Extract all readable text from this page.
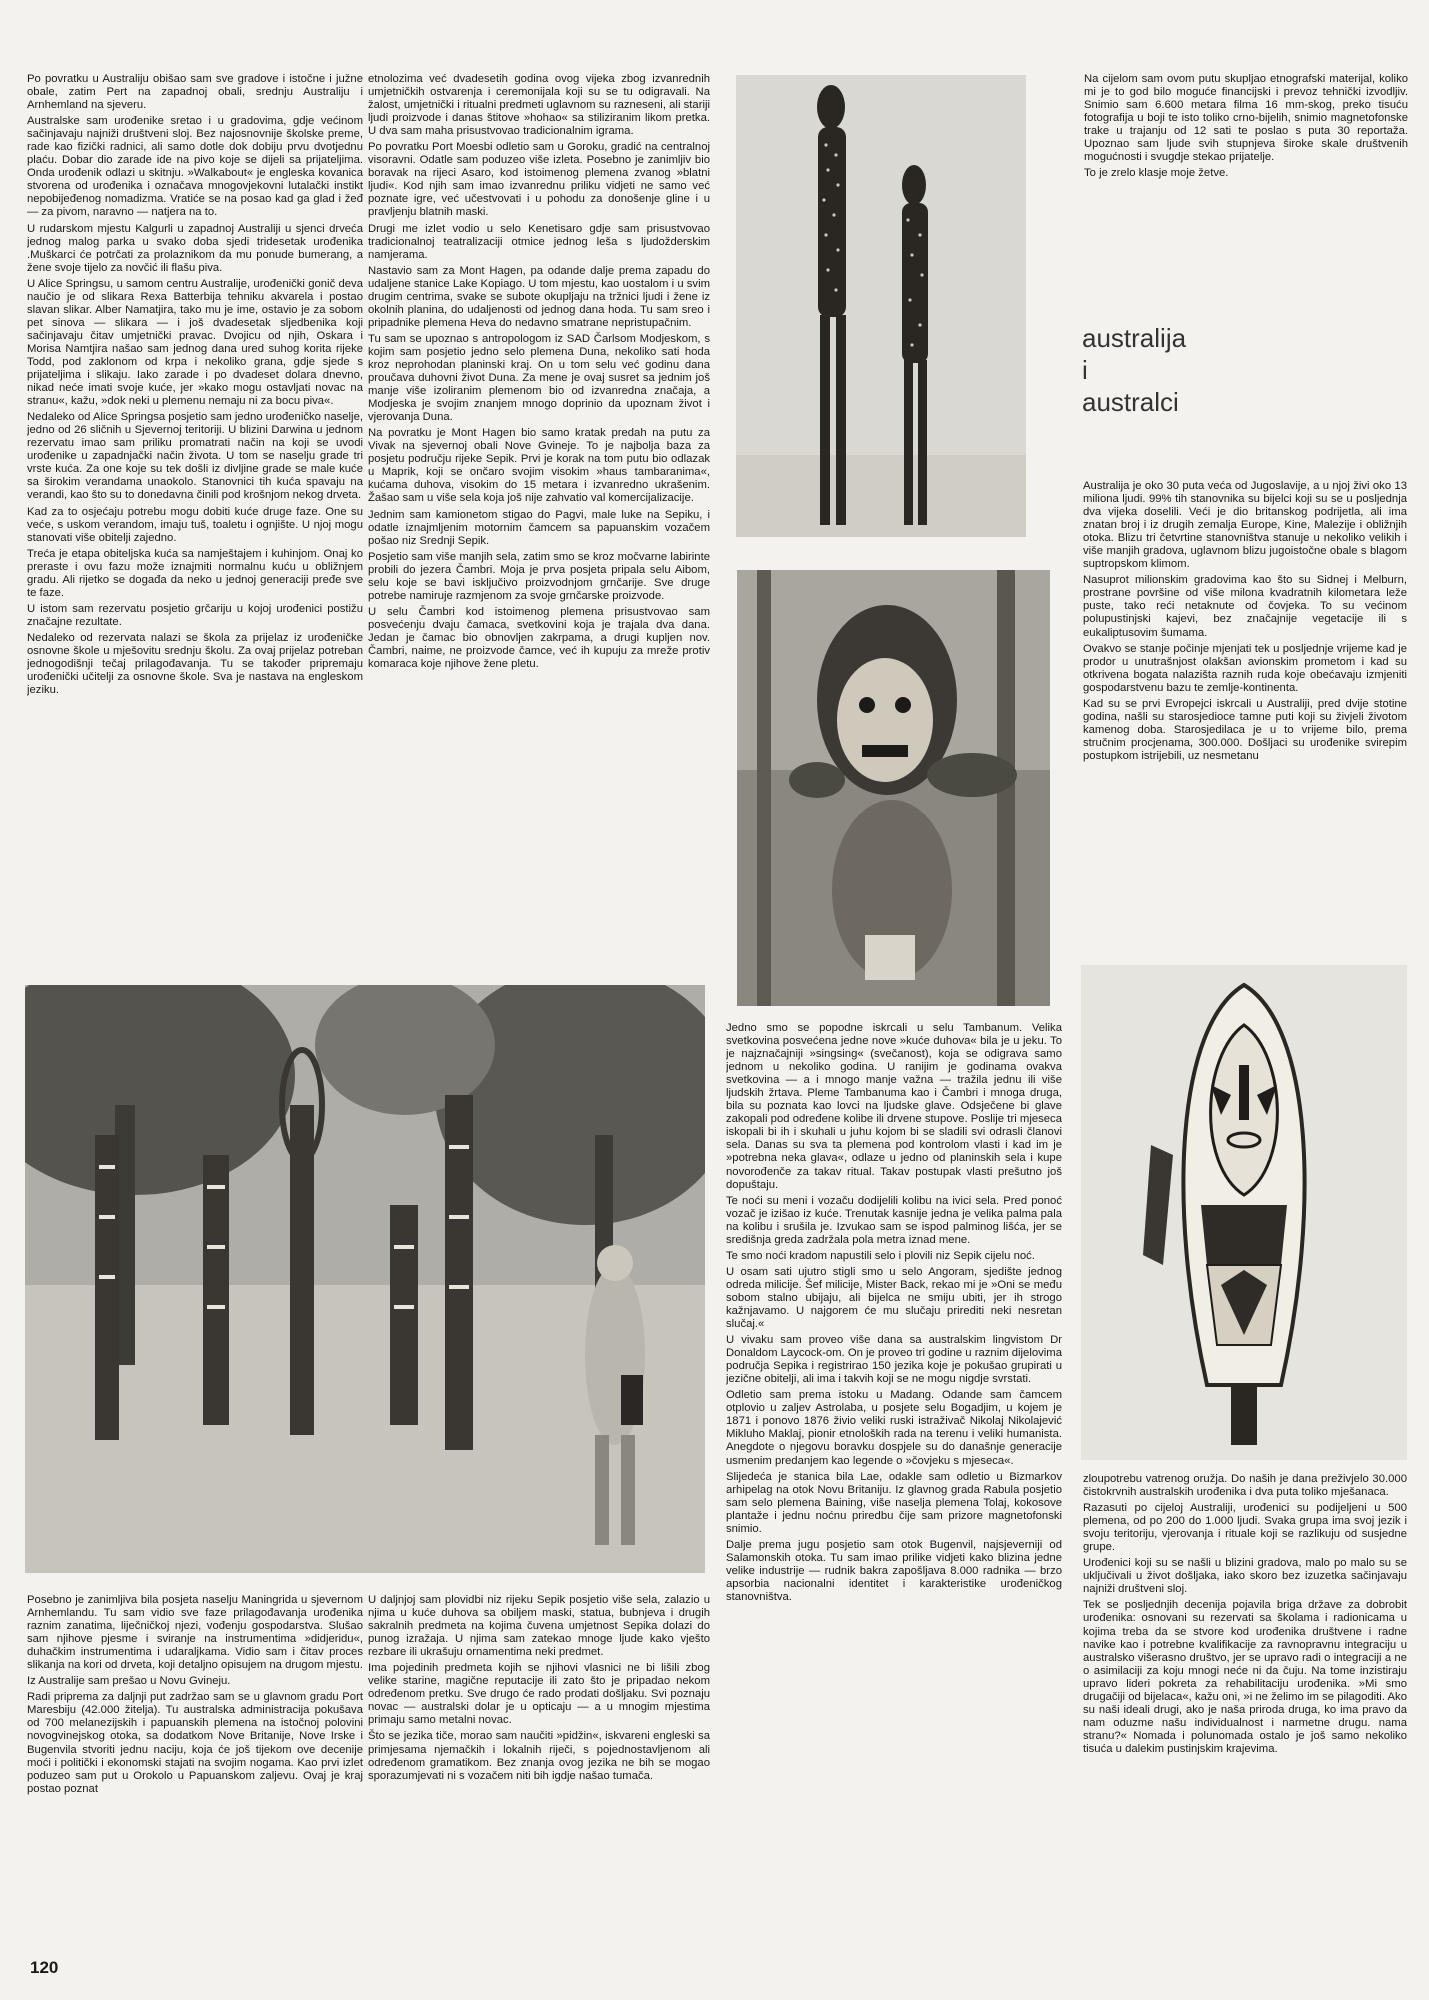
Po povratku u Australiju obišao sam sve gradove i istočne i južne obale, zatim Pert na zapadnoj obali, srednju Australiju i Arnhemland na sjeveru.

Australske sam urođenike sretao i u gradovima, gdje većinom sačinjavaju najniži društveni sloj. Bez najosnovnije školske preme, rade kao fizički radnici, ali samo dotle dok dobiju prvu dvotjednu plaću. Dobar dio zarade ide na pivo koje se dijeli sa prijateljima. Onda urođenik odlazi u skitnju. »Walkabout« je engleska kovanica stvorena od urođenika i označava mnogovjekovni lutalački instikt nepobijeđenog nomadizma. Vratiće se na posao kad ga glad i žeđ — za pivom, naravno — natjera na to.

U rudarskom mjestu Kalgurli u zapadnoj Australiji u sjenci drveća jednog malog parka u svako doba sjedi tridesetak urođenika .Muškarci će potrčati za prolaznikom da mu ponude bumerang, a žene svoje tijelo za novčić ili flašu piva.

U Alice Springsu, u samom centru Australije, urođenički gonič deva naučio je od slikara Rexa Batterbija tehniku akvarela i postao slavan slikar. Alber Namatjira, tako mu je ime, ostavio je za sobom pet sinova — slikara — i još dvadesetak sljedbenika koji sačinjavaju čitav umjetnički pravac. Dvojicu od njih, Oskara i Morisa Namtjira našao sam jednog dana ured suhog korita rijeke Todd, pod zaklonom od krpa i nekoliko grana, gdje sjede s prijateljima i slikaju. Iako zarade i po dvadeset dolara dnevno, nikad neće imati svoje kuće, jer »kako mogu ostavljati novac na stranu«, kažu, »dok neki u plemenu nemaju ni za bocu piva«.

Nedaleko od Alice Springsa posjetio sam jedno urođeničko naselje, jedno od 26 sličnih u Sjevernoj teritoriji. U blizini Darwina u jednom rezervatu imao sam priliku promatrati način na koji se uvodi urođenike u zapadnjački način života. U tom se naselju grade tri vrste kuća. Za one koje su tek došli iz divljine grade se male kuće sa širokim verandama unaokolo. Stanovnici tih kuća spavaju na verandi, kao što su to donedavna činili pod krošnjom nekog drveta.

Kad za to osjećaju potrebu mogu dobiti kuće druge faze. One su veće, s uskom verandom, imaju tuš, toaletu i ognjište. U njoj mogu stanovati više obitelji zajedno.

Treća je etapa obiteljska kuća sa namještajem i kuhinjom. Onaj ko preraste i ovu fazu može iznajmiti normalnu kuću u obližnjem gradu. Ali rijetko se događa da neko u jednoj generaciji pređe sve te faze.

U istom sam rezervatu posjetio grčariju u kojoj urođenici postižu značajne rezultate.

Nedaleko od rezervata nalazi se škola za prijelaz iz urođeničke osnovne škole u mješovitu srednju školu. Za ovaj prijelaz potreban jednogodišnji tečaj prilagođavanja. Tu se također pripremaju urođenički učitelji za osnovne škole. Sva je nastava na engleskom jeziku.

etnolozima već dvadesetih godina ovog vijeka zbog izvanrednih umjetničkih ostvarenja i ceremonijala koji su se tu odigravali. Na žalost, umjetnički i ritualni predmeti uglavnom su razneseni, ali stariji ljudi proizvode i danas štitove »hohao« sa stiliziranim likom pretka. U dva sam maha prisustvovao tradicionalnim igrama.

Po povratku Port Moesbi odletio sam u Goroku, gradić na centralnoj visoravni. Odatle sam poduzeo više izleta. Posebno je zanimljiv bio boravak na rijeci Asaro, kod istoimenog plemena zvanog »blatni ljudi«. Kod njih sam imao izvanrednu priliku vidjeti ne samo već poznate igre, već učestvovati i u pohodu za donošenje gline i u pravljenju blatnih maski.

Drugi me izlet vodio u selo Kenetisaro gdje sam prisustvovao tradicionalnoj teatralizaciji otmice jednog leša s ljudožderskim namjerama.

Nastavio sam za Mont Hagen, pa odande dalje prema zapadu do udaljene stanice Lake Kopiago. U tom mjestu, kao uostalom i u svim drugim centrima, svake se subote okupljaju na tržnici ljudi i žene iz okolnih planina, do udaljenosti od jednog dana hoda. Tu sam sreo i pripadnike plemena Heva do nedavno smatrane nepristupačnim.

Tu sam se upoznao s antropologom iz SAD Čarlsom Modjeskom, s kojim sam posjetio jedno selo plemena Duna, nekoliko sati hoda kroz neprohodan planinski kraj. On u tom selu već godinu dana proučava duhovni život Duna. Za mene je ovaj susret sa jednim još manje više izoliranim plemenom bio od izvanredna značaja, a Modjeska je svojim znanjem mnogo doprinio da upoznam život i vjerovanja Duna.

Na povratku je Mont Hagen bio samo kratak predah na putu za Vivak na sjevernoj obali Nove Gvineje. To je najbolja baza za posjetu području rijeke Sepik. Prvi je korak na tom putu bio odlazak u Maprik, koji se ončaro svojim visokim »haus tambaranima«, kućama duhova, visokim do 15 metara i izvanredno ukrašenim. Žašao sam u više sela koja još nije zahvatio val komercijalizacije.

Jednim sam kamionetom stigao do Pagvi, male luke na Sepiku, i odatle iznajmljenim motornim čamcem sa papuanskim vozačem pošao niz Srednji Sepik.

Posjetio sam više manjih sela, zatim smo se kroz močvarne labirinte probili do jezera Čambri. Moja je prva posjeta pripala selu Aibom, selu koje se bavi isključivo proizvodnjom grnčarije. Sve druge potrebe namiruje razmjenom za svoje grnčarske proizvode.

U selu Čambri kod istoimenog plemena prisustvovao sam posvećenju dvaju čamaca, svetkovini koja je trajala dva dana. Jedan je čamac bio obnovljen zakrpama, a drugi kupljen nov. Čambri, naime, ne proizvode čamce, već ih kupuju za mreže protiv komaraca koje njihove žene pletu.

Na cijelom sam ovom putu skupljao etnografski materijal, koliko mi je to god bilo moguće financijski i prevoz tehnički izvodljiv. Snimio sam 6.600 metara filma 16 mm-skog, preko tisuću fotografija u boji te isto toliko crno-bijelih, snimio magnetofonske trake u trajanju od 12 sati te poslao s puta 30 reportaža. Upoznao sam ljude svih stupnjeva široke skale društvenih mogućnosti i svugdje stekao prijatelje.

To je zrelo klasje moje žetve.

australija
i
australci

Australija je oko 30 puta veća od Jugoslavije, a u njoj živi oko 13 miliona ljudi. 99% tih stanovnika su bijelci koji su se u posljednja dva vijeka doselili. Veći je dio britanskog podrijetla, ali ima znatan broj i iz drugih zemalja Europe, Kine, Malezije i obližnjih otoka. Blizu tri četvrtine stanovništva stanuje u nekoliko velikih i više manjih gradova, uglavnom blizu jugoistočne obale s blagom suptropskom klimom.

Nasuprot milionskim gradovima kao što su Sidnej i Melburn, prostrane površine od više milona kvadratnih kilometara leže puste, tako reći netaknute od čovjeka. To su većinom polupustinjski kajevi, bez značajnije vegetacije ili s eukaliptusovim šumama.

Ovakvo se stanje počinje mjenjati tek u posljednje vrijeme kad je prodor u unutrašnjost olakšan avionskim prometom i kad su otkrivena bogata nalazišta raznih ruda koje obećavaju izmjeniti gospodarstvenu bazu te zemlje-kontinenta.

Kad su se prvi Evropejci iskrcali u Australiji, pred dvije stotine godina, našli su starosjedioce tamne puti koji su živjeli životom kamenog doba. Starosjedilaca je u to vrijeme bilo, prema stručnim procjenama, 300.000. Došljaci su urođenike svirepim postupkom istrijebili, uz nesmetanu

Jedno smo se popodne iskrcali u selu Tambanum. Velika svetkovina posvećena jedne nove »kuće duhova« bila je u jeku. To je najznačajniji »singsing« (svečanost), koja se odigrava samo jednom u nekoliko godina. U ranijim je godinama ovakva svetkovina — a i mnogo manje važna — tražila jednu ili više ljudskih žrtava. Pleme Tambanuma kao i Čambri i mnoga druga, bila su poznata kao lovci na ljudske glave. Odsječene bi glave zakopali pod određene kolibe ili drvene stupove. Poslije tri mjeseca iskopali bi ih i skuhali u juhu kojom bi se sladili svi odrasli članovi sela. Danas su sva ta plemena pod kontrolom vlasti i kad im je »potrebna neka glava«, odlaze u jedno od planinskih sela i kupe novorođenče za takav ritual. Takav postupak vlasti prešutno još dopuštaju.

Te noći su meni i vozaču dodijelili kolibu na ivici sela. Pred ponoć vozač je izišao iz kuće. Trenutak kasnije jedna je velika palma pala na kolibu i srušila je. Izvukao sam se ispod palminog lišća, jer se središnja greda zadržala pola metra iznad mene.

Te smo noći kradom napustili selo i plovili niz Sepik cijelu noć.

U osam sati ujutro stigli smo u selo Angoram, sjedište jednog odreda milicije. Šef milicije, Mister Back, rekao mi je »Oni se među sobom stalno ubijaju, ali bijelca ne smiju ubiti, jer ih strogo kažnjavamo. U najgorem će mu slučaju prirediti neki nesretan slučaj.«

U vivaku sam proveo više dana sa australskim lingvistom Dr Donaldom Laycock-om. On je proveo tri godine u raznim dijelovima područja Sepika i registrirao 150 jezika koje je pokušao grupirati u jezične obitelji, ali ima i takvih koji se ne mogu nigdje svrstati.

Odletio sam prema istoku u Madang. Odande sam čamcem otplovio u zaljev Astrolaba, u posjete selu Bogadjim, u kojem je 1871 i ponovo 1876 živio veliki ruski istraživač Nikolaj Nikolajević Mikluho Maklaj, pionir etnoloških rada na terenu i veliki humanista. Anegdote o njegovu boravku dospjele su do današnje generacije usmenim predanjem kao legende o »čovjeku s mjeseca«.

Slijedeća je stanica bila Lae, odakle sam odletio u Bizmarkov arhipelag na otok Novu Britaniju. Iz glavnog grada Rabula posjetio sam selo plemena Baining, više naselja plemena Tolaj, kokosove plantaže i jednu noćnu priredbu čije sam prizore magnetofonski snimio.

Dalje prema jugu posjetio sam otok Bugenvil, najsjeverniji od Salamonskih otoka. Tu sam imao prilike vidjeti kako blizina jedne velike industrije — rudnik bakra zapošljava 8.000 radnika — brzo apsorbia nacionalni identitet i karakteristike urođeničkog stanovništva.

zloupotrebu vatrenog oružja. Do naših je dana preživjelo 30.000 čistokrvnih australskih urođenika i dva puta toliko mješanaca.

Razasuti po cijeloj Australiji, urođenici su podijeljeni u 500 plemena, od po 200 do 1.000 ljudi. Svaka grupa ima svoj jezik i svoju teritoriju, vjerovanja i rituale koji se razlikuju od susjedne grupe.

Urođenici koji su se našli u blizini gradova, malo po malo su se uključivali u život došljaka, iako skoro bez izuzetka sačinjavaju najniži društveni sloj.

Tek se posljednjih decenija pojavila briga države za dobrobit urođenika: osnovani su rezervati sa školama i radionicama u kojima treba da se stvore kod urođenika društvene i radne navike kao i potrebne kvalifikacije za ravnopravnu integraciju u australsko višerasno društvo, jer se upravo radi o integraciji a ne o asimilaciji za koju mnogi neće ni da čuju. Na tome inzistiraju upravo lideri pokreta za rehabilitaciju urođenika. »Mi smo drugačiji od bijelaca«, kažu oni, »i ne želimo im se pilagoditi. Ako su naši ideali drugi, ako je naša priroda druga, ko ima pravo da nam oduzme našu individualnost i narmetne drugu. nama stranu?« Nomada i polunomada ostalo je još samo nekoliko tisuća u dalekim pustinjskim krajevima.

Posebno je zanimljiva bila posjeta naselju Maningrida u sjevernom Arnhemlandu. Tu sam vidio sve faze prilagođavanja urođenika raznim zanatima, liječničkoj njezi, vođenju gospodarstva. Slušao sam njihove pjesme i sviranje na instrumentima »didjeridu«, duhačkim instrumentima i udaraljkama. Vidio sam i čitav proces slikanja na kori od drveta, koji detaljno opisujem na drugom mjestu.

Iz Australije sam prešao u Novu Gvineju.

Radi priprema za daljnji put zadržao sam se u glavnom gradu Port Maresbiju (42.000 žitelja). Tu australska administracija pokušava od 700 melanezijskih i papuanskih plemena na istočnoj polovini novogvinejskog otoka, sa dodatkom Nove Britanije, Nove Irske i Bugenvila stvoriti jednu naciju, koja će još tijekom ove decenije moći i politički i ekonomski stajati na svojim nogama. Kao prvi izlet poduzeo sam put u Orokolo u Papuanskom zaljevu. Ovaj je kraj postao poznat

U daljnjoj sam plovidbi niz rijeku Sepik posjetio više sela, zalazio u njima u kuće duhova sa obiljem maski, statua, bubnjeva i drugih sakralnih predmeta na kojima čuvena umjetnost Sepika dolazi do punog izražaja. U njima sam zatekao mnoge ljude kako vješto rezbare ili ukrašuju ornamentima neki predmet.

Ima pojedinih predmeta kojih se njihovi vlasnici ne bi lišili zbog velike starine, magične reputacije ili zato što je pripadao nekom određenom pretku. Sve drugo će rado prodati došljaku. Svi poznaju novac — australski dolar je u opticaju — a u mnogim mjestima primaju samo metalni novac.

Što se jezika tiče, morao sam naučiti »pidžin«, iskvareni engleski sa primjesama njemačkih i lokalnih riječi, s pojednostavljenom ali određenom gramatikom. Bez znanja ovog jezika ne bih se mogao sporazumjevati ni s vozačem niti bih igdje našao tumača.

120
